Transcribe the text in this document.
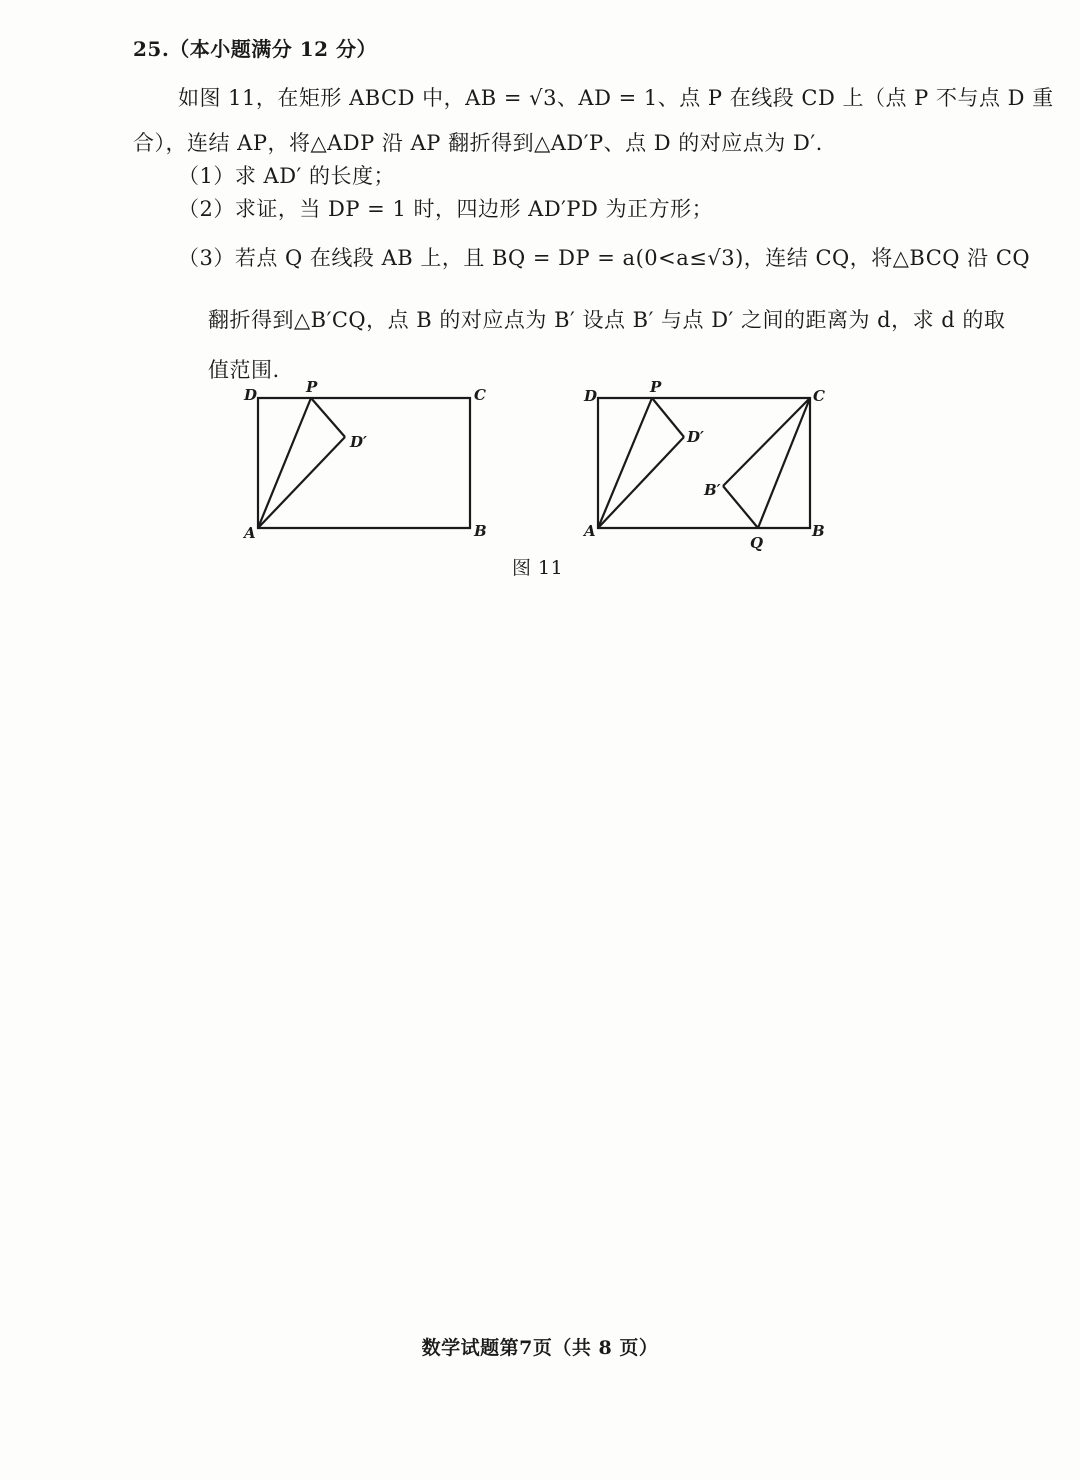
25.（本小题满分 12 分）
如图 11，在矩形 ABCD 中，AB = √3、AD = 1、点 P 在线段 CD 上（点 P 不与点 D 重
合），连结 AP，将△ADP 沿 AP 翻折得到△AD′P、点 D 的对应点为 D′.
（1）求 AD′ 的长度；
（2）求证，当 DP = 1 时，四边形 AD′PD 为正方形；
（3）若点 Q 在线段 AB 上，且 BQ = DP = a(0<a≤√3)，连结 CQ，将△BCQ 沿 CQ
翻折得到△B′CQ，点 B 的对应点为 B′ 设点 B′ 与点 D′ 之间的距离为 d，求 d 的取
值范围.
D	P	C
D′
A	B
D	P	C
D′
B′
A
Q
B
图 11
数学试题第7页（共 8 页）
